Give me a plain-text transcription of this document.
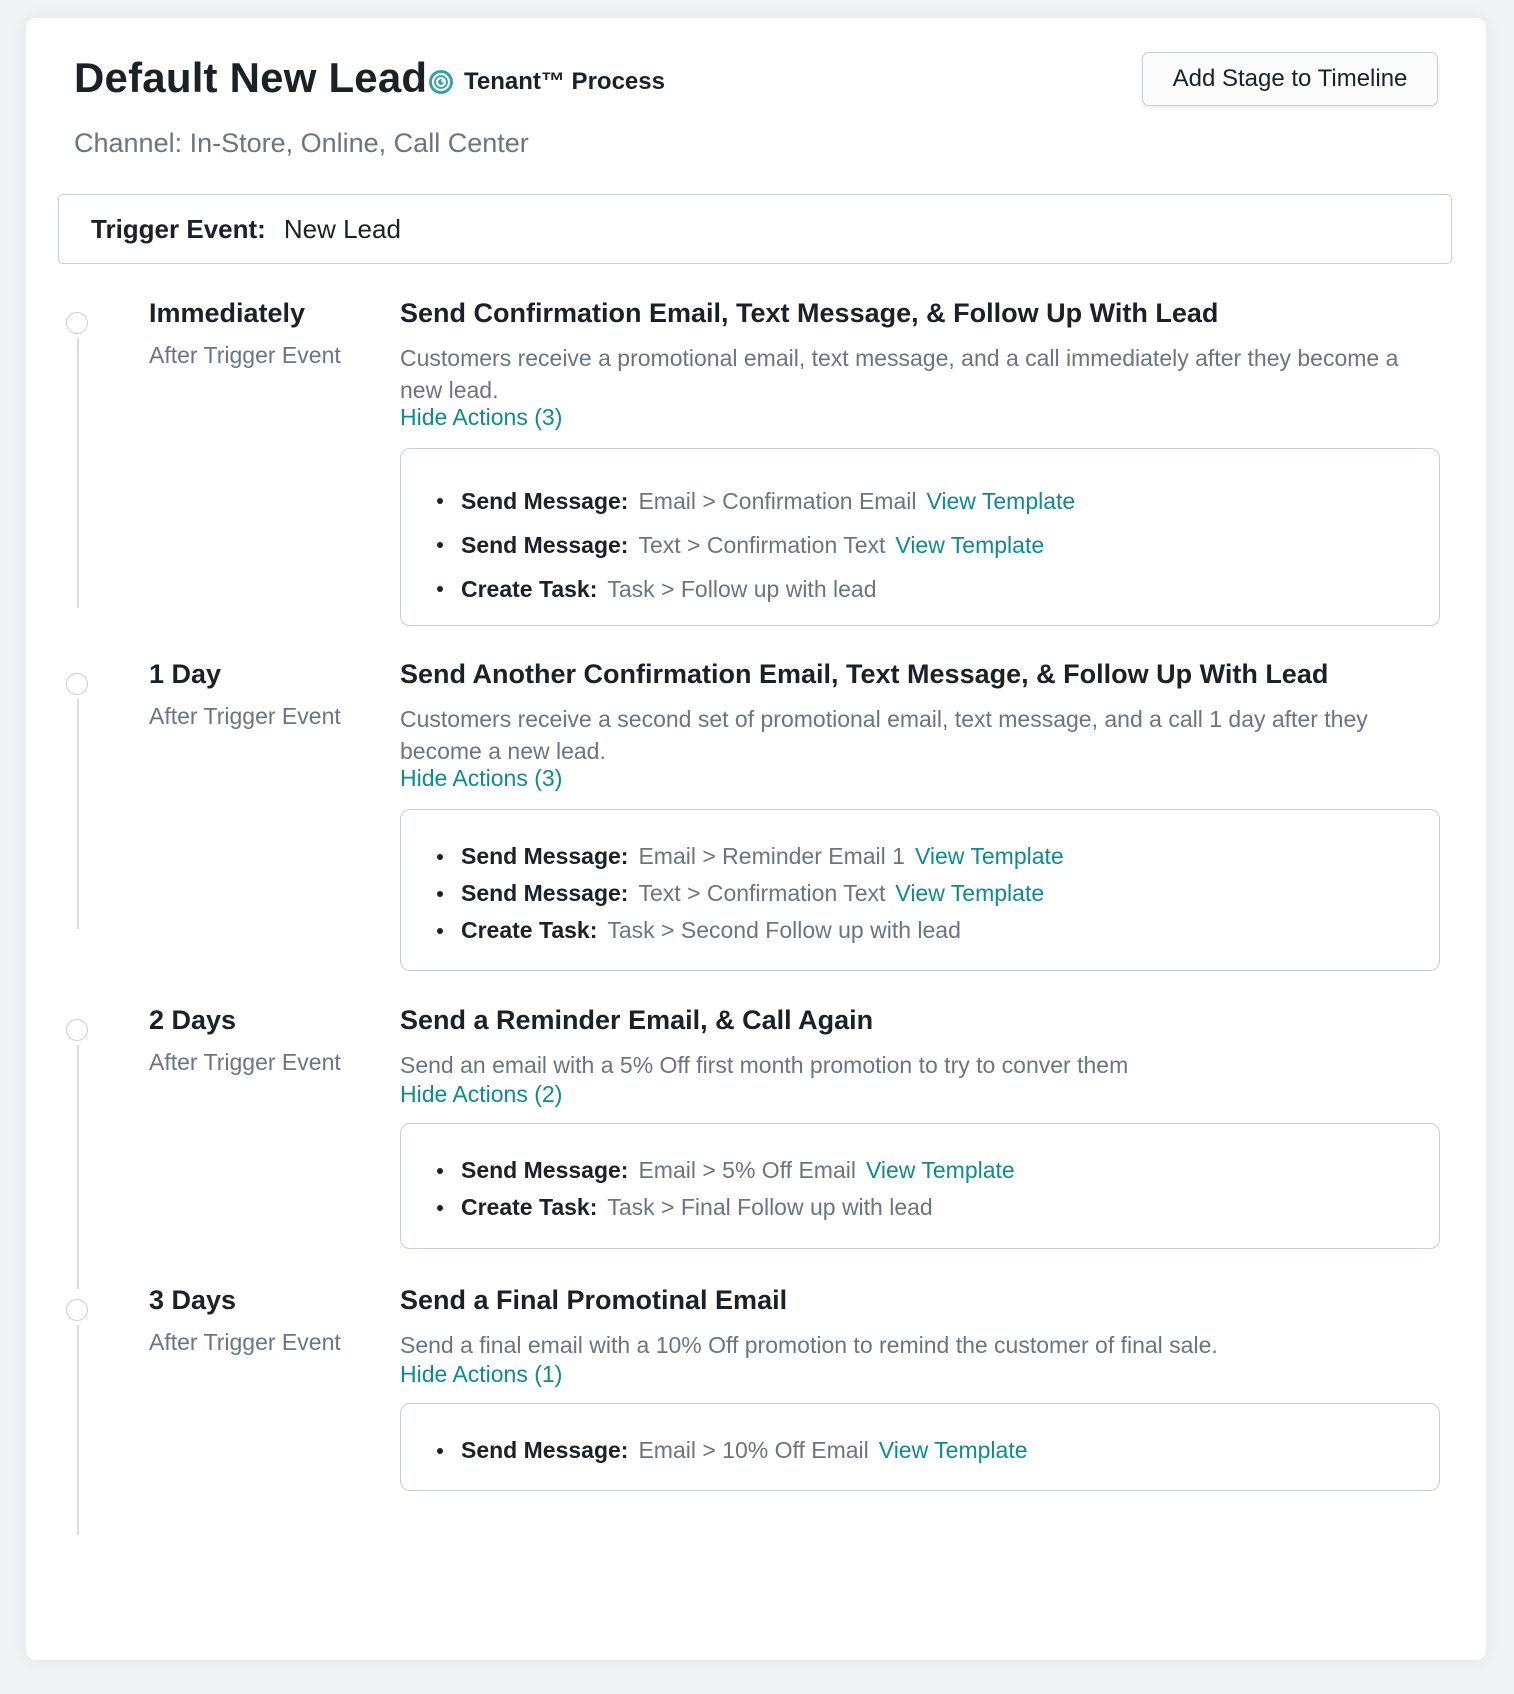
Default New Lead Tenant™ Process	Add Stage to Timeline
Channel: In-Store, Online, Call Center
Trigger Event: New Lead
Immediately
After Trigger Event
Send Confirmation Email, Text Message, & Follow Up With Lead
Customers receive a promotional email, text message, and a call immediately after they become a new lead.
Hide Actions (3)
Send Message: Email > Confirmation Email View Template
Send Message: Text > Confirmation Text View Template
Create Task: Task > Follow up with lead
1 Day
After Trigger Event
Send Another Confirmation Email, Text Message, & Follow Up With Lead
Customers receive a second set of promotional email, text message, and a call 1 day after they become a new lead.
Hide Actions (3)
Send Message: Email > Reminder Email 1 View Template
Send Message: Text > Confirmation Text View Template
Create Task: Task > Second Follow up with lead
2 Days
After Trigger Event
Send a Reminder Email, & Call Again
Send an email with a 5% Off first month promotion to try to conver them
Hide Actions (2)
Send Message: Email > 5% Off Email View Template
Create Task: Task > Final Follow up with lead
3 Days
After Trigger Event
Send a Final Promotinal Email
Send a final email with a 10% Off promotion to remind the customer of final sale.
Hide Actions (1)
Send Message: Email > 10% Off Email View Template
